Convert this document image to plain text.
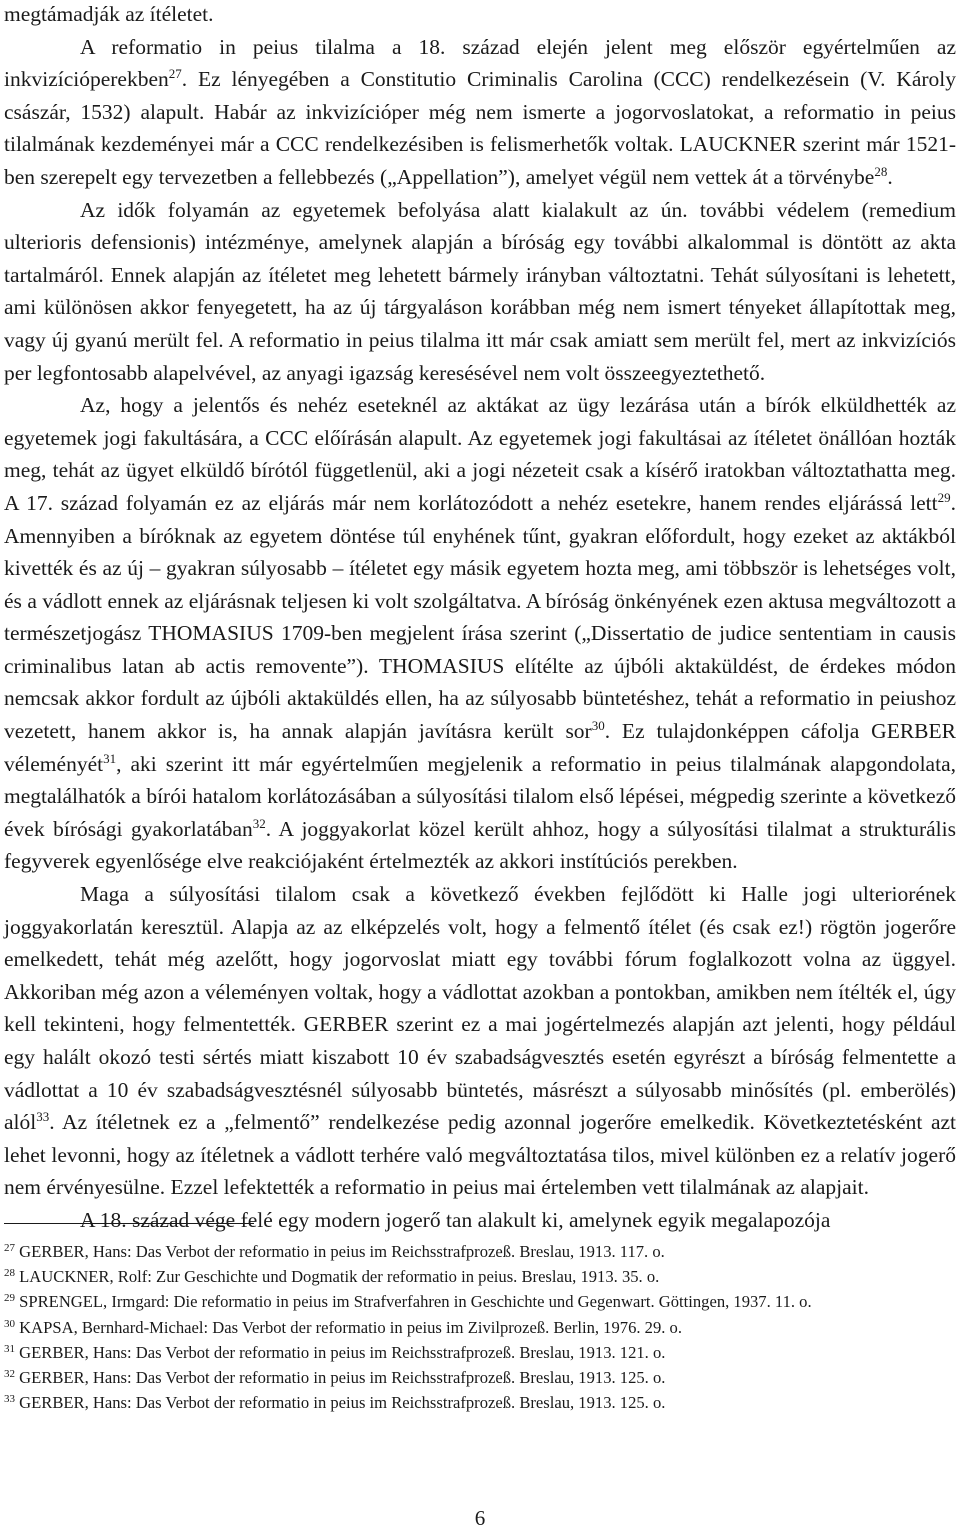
megtámadják az ítéletet.

A reformatio in peius tilalma a 18. század elején jelent meg először egyértelműen az inkvizícióperekben$^{27}$. Ez lényegében a Constitutio Criminalis Carolina (CCC) rendelkezésein (V. Károly császár, 1532) alapult. Habár az inkvizícióper még nem ismerte a jogorvoslatokat, a reformatio in peius tilalmának kezdeményei már a CCC rendelkezésiben is felismerhetők voltak. LAUCKNER szerint már 1521-ben szerepelt egy tervezetben a fellebbezés („Appellation”), amelyet végül nem vettek át a törvénybe$^{28}$.

Az idők folyamán az egyetemek befolyása alatt kialakult az ún. további védelem (remedium ulterioris defensionis) intézménye, amelynek alapján a bíróság egy további alkalommal is döntött az akta tartalmáról. Ennek alapján az ítéletet meg lehetett bármely irányban változtatni. Tehát súlyosítani is lehetett, ami különösen akkor fenyegetett, ha az új tárgyaláson korábban még nem ismert tényeket állapítottak meg, vagy új gyanú merült fel. A reformatio in peius tilalma itt már csak amiatt sem merült fel, mert az inkvizíciós per legfontosabb alapelvével, az anyagi igazság keresésével nem volt összeegyeztethető.

Az, hogy a jelentős és nehéz eseteknél az aktákat az ügy lezárása után a bírók elküldhették az egyetemek jogi fakultására, a CCC előírásán alapult. Az egyetemek jogi fakultásai az ítéletet önállóan hozták meg, tehát az ügyet elküldő bírótól függetlenül, aki a jogi nézeteit csak a kísérő iratokban változtathatta meg. A 17. század folyamán ez az eljárás már nem korlátozódott a nehéz esetekre, hanem rendes eljárássá lett$^{29}$. Amennyiben a bíróknak az egyetem döntése túl enyhének tűnt, gyakran előfordult, hogy ezeket az aktákból kivették és az új – gyakran súlyosabb – ítéletet egy másik egyetem hozta meg, ami többször is lehetséges volt, és a vádlott ennek az eljárásnak teljesen ki volt szolgáltatva. A bíróság önkényének ezen aktusa megváltozott a természetjogász THOMASIUS 1709-ben megjelent írása szerint („Dissertatio de judice sententiam in causis criminalibus latan ab actis removente”). THOMASIUS elítélte az újbóli aktaküldést, de érdekes módon nemcsak akkor fordult az újbóli aktaküldés ellen, ha az súlyosabb büntetéshez, tehát a reformatio in peiushoz vezetett, hanem akkor is, ha annak alapján javításra került sor$^{30}$. Ez tulajdonképpen cáfolja GERBER véleményét$^{31}$, aki szerint itt már egyértelműen megjelenik a reformatio in peius tilalmának alapgondolata, megtalálhatók a bírói hatalom korlátozásában a súlyosítási tilalom első lépései, mégpedig szerinte a következő évek bírósági gyakorlatában$^{32}$. A joggyakorlat közel került ahhoz, hogy a súlyosítási tilalmat a strukturális fegyverek egyenlősége elve reakciójaként értelmezték az akkori instítúciós perekben.

Maga a súlyosítási tilalom csak a következő években fejlődött ki Halle jogi ulteriorének joggyakorlatán keresztül. Alapja az az elképzelés volt, hogy a felmentő ítélet (és csak ez!) rögtön jogerőre emelkedett, tehát még azelőtt, hogy jogorvoslat miatt egy további fórum foglalkozott volna az üggyel. Akkoriban még azon a véleményen voltak, hogy a vádlottat azokban a pontokban, amikben nem ítélték el, úgy kell tekinteni, hogy felmentették. GERBER szerint ez a mai jogértelmezés alapján azt jelenti, hogy például egy halált okozó testi sértés miatt kiszabott 10 év szabadságvesztés esetén egyrészt a bíróság felmentette a vádlottat a 10 év szabadságvesztésnél súlyosabb büntetés, másrészt a súlyosabb minősítés (pl. emberölés) alól$^{33}$. Az ítéletnek ez a „felmentő” rendelkezése pedig azonnal jogerőre emelkedik. Következtetésként azt lehet levonni, hogy az ítéletnek a vádlott terhére való megváltoztatása tilos, mivel különben ez a relatív jogerő nem érvényesülne. Ezzel lefektették a reformatio in peius mai értelemben vett tilalmának az alapjait.

A 18. század vége felé egy modern jogerő tan alakult ki, amelynek egyik megalapozója

$^{27}$ GERBER, Hans: Das Verbot der reformatio in peius im Reichsstrafprozeß. Breslau, 1913. 117. o.

$^{28}$ LAUCKNER, Rolf: Zur Geschichte und Dogmatik der reformatio in peius. Breslau, 1913. 35. o.

$^{29}$ SPRENGEL, Irmgard: Die reformatio in peius im Strafverfahren in Geschichte und Gegenwart. Göttingen, 1937. 11. o.

$^{30}$ KAPSA, Bernhard-Michael: Das Verbot der reformatio in peius im Zivilprozeß. Berlin, 1976. 29. o.

$^{31}$ GERBER, Hans: Das Verbot der reformatio in peius im Reichsstrafprozeß. Breslau, 1913. 121. o.

$^{32}$ GERBER, Hans: Das Verbot der reformatio in peius im Reichsstrafprozeß. Breslau, 1913. 125. o.

$^{33}$ GERBER, Hans: Das Verbot der reformatio in peius im Reichsstrafprozeß. Breslau, 1913. 125. o.

6
